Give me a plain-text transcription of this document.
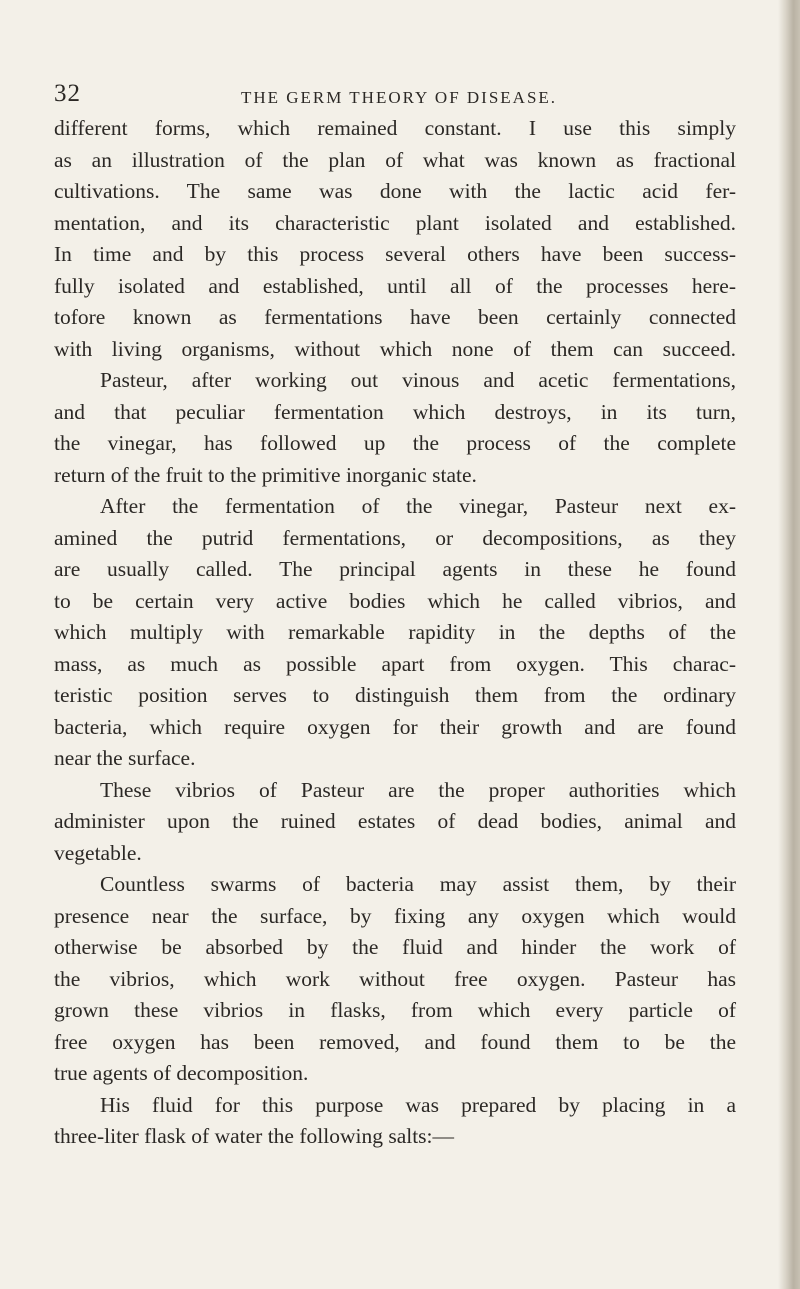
32	THE GERM THEORY OF DISEASE.
different forms, which remained constant. I use this simply
as an illustration of the plan of what was known as fractional
cultivations. The same was done with the lactic acid fer-
mentation, and its characteristic plant isolated and established.
In time and by this process several others have been success-
fully isolated and established, until all of the processes here-
tofore known as fermentations have been certainly connected
with living organisms, without which none of them can succeed.
Pasteur, after working out vinous and acetic fermentations,
and that peculiar fermentation which destroys, in its turn,
the vinegar, has followed up the process of the complete
return of the fruit to the primitive inorganic state.
After the fermentation of the vinegar, Pasteur next ex-
amined the putrid fermentations, or decompositions, as they
are usually called. The principal agents in these he found
to be certain very active bodies which he called vibrios, and
which multiply with remarkable rapidity in the depths of the
mass, as much as possible apart from oxygen. This charac-
teristic position serves to distinguish them from the ordinary
bacteria, which require oxygen for their growth and are found
near the surface.
These vibrios of Pasteur are the proper authorities which
administer upon the ruined estates of dead bodies, animal and
vegetable.
Countless swarms of bacteria may assist them, by their
presence near the surface, by fixing any oxygen which would
otherwise be absorbed by the fluid and hinder the work of
the vibrios, which work without free oxygen. Pasteur has
grown these vibrios in flasks, from which every particle of
free oxygen has been removed, and found them to be the
true agents of decomposition.
His fluid for this purpose was prepared by placing in a
three-liter flask of water the following salts:—
